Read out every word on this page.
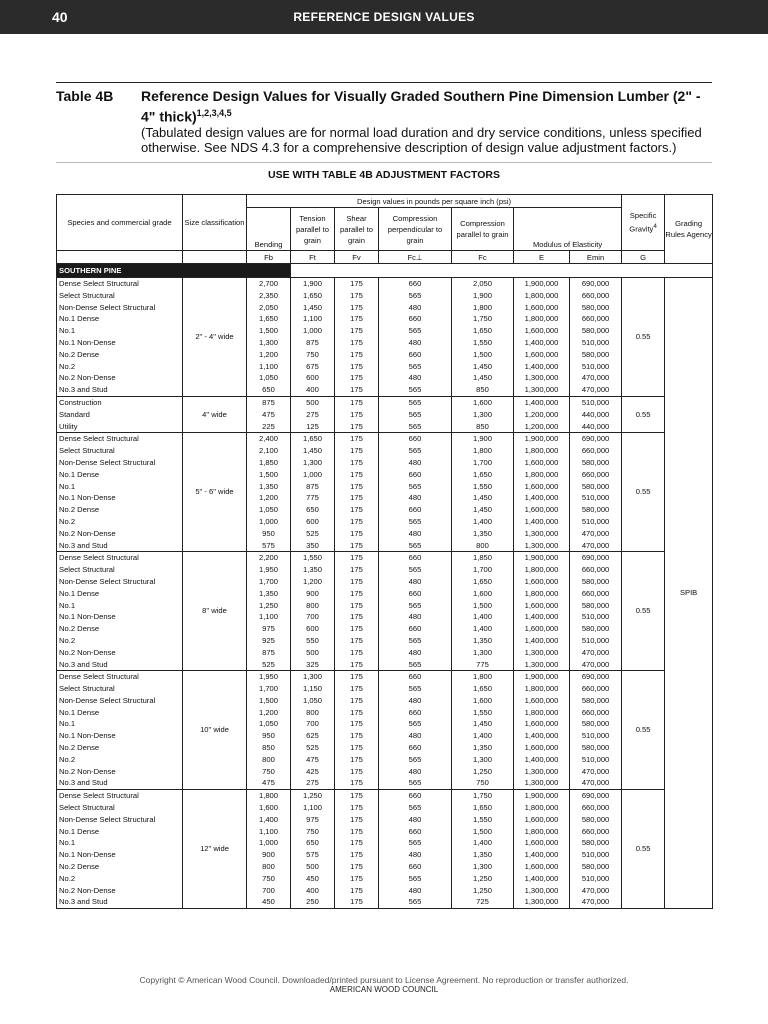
40	REFERENCE DESIGN VALUES
Table 4B Reference Design Values for Visually Graded Southern Pine Dimension Lumber (2" - 4" thick)$^{1,2,3,4,5}$
(Tabulated design values are for normal load duration and dry service conditions, unless specified otherwise. See NDS 4.3 for a comprehensive description of design value adjustment factors.)
USE WITH TABLE 4B ADJUSTMENT FACTORS
Species and commercial grade	Size classification	Design values in pounds per square inch (psi)							Specific Gravity$^4$	Grading Rules Agency
		Bending	Tension parallel to grain	Shear parallel to grain	Compression perpendicular to grain	Compression parallel to grain	Modulus of Elasticity			
		Fb	Ft	Fv	Fc⊥	Fc	E	Emin	G	
SOUTHERN PINE										
Dense Select Structural	2" - 4" wide	2,700	1,900	175	660	2,050	1,900,000	690,000	0.55	SPIB
Select Structural		2,350	1,650	175	565	1,900	1,800,000	660,000		
Non-Dense Select Structural		2,050	1,450	175	480	1,800	1,600,000	580,000		
No.1 Dense		1,650	1,100	175	660	1,750	1,800,000	660,000		
No.1		1,500	1,000	175	565	1,650	1,600,000	580,000		
No.1 Non-Dense		1,300	875	175	480	1,550	1,400,000	510,000		
No.2 Dense		1,200	750	175	660	1,500	1,600,000	580,000		
No.2		1,100	675	175	565	1,450	1,400,000	510,000		
No.2 Non-Dense		1,050	600	175	480	1,450	1,300,000	470,000		
No.3 and Stud		650	400	175	565	850	1,300,000	470,000		
Construction	4" wide	875	500	175	565	1,600	1,400,000	510,000	0.55	
Standard		475	275	175	565	1,300	1,200,000	440,000		
Utility		225	125	175	565	850	1,200,000	440,000		
Dense Select Structural	5" - 6" wide	2,400	1,650	175	660	1,900	1,900,000	690,000	0.55	
Select Structural		2,100	1,450	175	565	1,800	1,800,000	660,000		
Non-Dense Select Structural		1,850	1,300	175	480	1,700	1,600,000	580,000		
No.1 Dense		1,500	1,000	175	660	1,650	1,800,000	660,000		
No.1		1,350	875	175	565	1,550	1,600,000	580,000		
No.1 Non-Dense		1,200	775	175	480	1,450	1,400,000	510,000		
No.2 Dense		1,050	650	175	660	1,450	1,600,000	580,000		
No.2		1,000	600	175	565	1,400	1,400,000	510,000		
No.2 Non-Dense		950	525	175	480	1,350	1,300,000	470,000		
No.3 and Stud		575	350	175	565	800	1,300,000	470,000		
Dense Select Structural	8" wide	2,200	1,550	175	660	1,850	1,900,000	690,000	0.55	
Select Structural		1,950	1,350	175	565	1,700	1,800,000	660,000		
Non-Dense Select Structural		1,700	1,200	175	480	1,650	1,600,000	580,000		
No.1 Dense		1,350	900	175	660	1,600	1,800,000	660,000		
No.1		1,250	800	175	565	1,500	1,600,000	580,000		
No.1 Non-Dense		1,100	700	175	480	1,400	1,400,000	510,000		
No.2 Dense		975	600	175	660	1,400	1,600,000	580,000		
No.2		925	550	175	565	1,350	1,400,000	510,000		
No.2 Non-Dense		875	500	175	480	1,300	1,300,000	470,000		
No.3 and Stud		525	325	175	565	775	1,300,000	470,000		
Dense Select Structural	10" wide	1,950	1,300	175	660	1,800	1,900,000	690,000	0.55	
Select Structural		1,700	1,150	175	565	1,650	1,800,000	660,000		
Non-Dense Select Structural		1,500	1,050	175	480	1,600	1,600,000	580,000		
No.1 Dense		1,200	800	175	660	1,550	1,800,000	660,000		
No.1		1,050	700	175	565	1,450	1,600,000	580,000		
No.1 Non-Dense		950	625	175	480	1,400	1,400,000	510,000		
No.2 Dense		850	525	175	660	1,350	1,600,000	580,000		
No.2		800	475	175	565	1,300	1,400,000	510,000		
No.2 Non-Dense		750	425	175	480	1,250	1,300,000	470,000		
No.3 and Stud		475	275	175	565	750	1,300,000	470,000		
Dense Select Structural	12" wide	1,800	1,250	175	660	1,750	1,900,000	690,000	0.55	
Select Structural		1,600	1,100	175	565	1,650	1,800,000	660,000		
Non-Dense Select Structural		1,400	975	175	480	1,550	1,600,000	580,000		
No.1 Dense		1,100	750	175	660	1,500	1,800,000	660,000		
No.1		1,000	650	175	565	1,400	1,600,000	580,000		
No.1 Non-Dense		900	575	175	480	1,350	1,400,000	510,000		
No.2 Dense		800	500	175	660	1,300	1,600,000	580,000		
No.2		750	450	175	565	1,250	1,400,000	510,000		
No.2 Non-Dense		700	400	175	480	1,250	1,300,000	470,000		
No.3 and Stud		450	250	175	565	725	1,300,000	470,000		
Copyright © American Wood Council. Downloaded/printed pursuant to License Agreement. No reproduction or transfer authorized.
AMERICAN WOOD COUNCIL
